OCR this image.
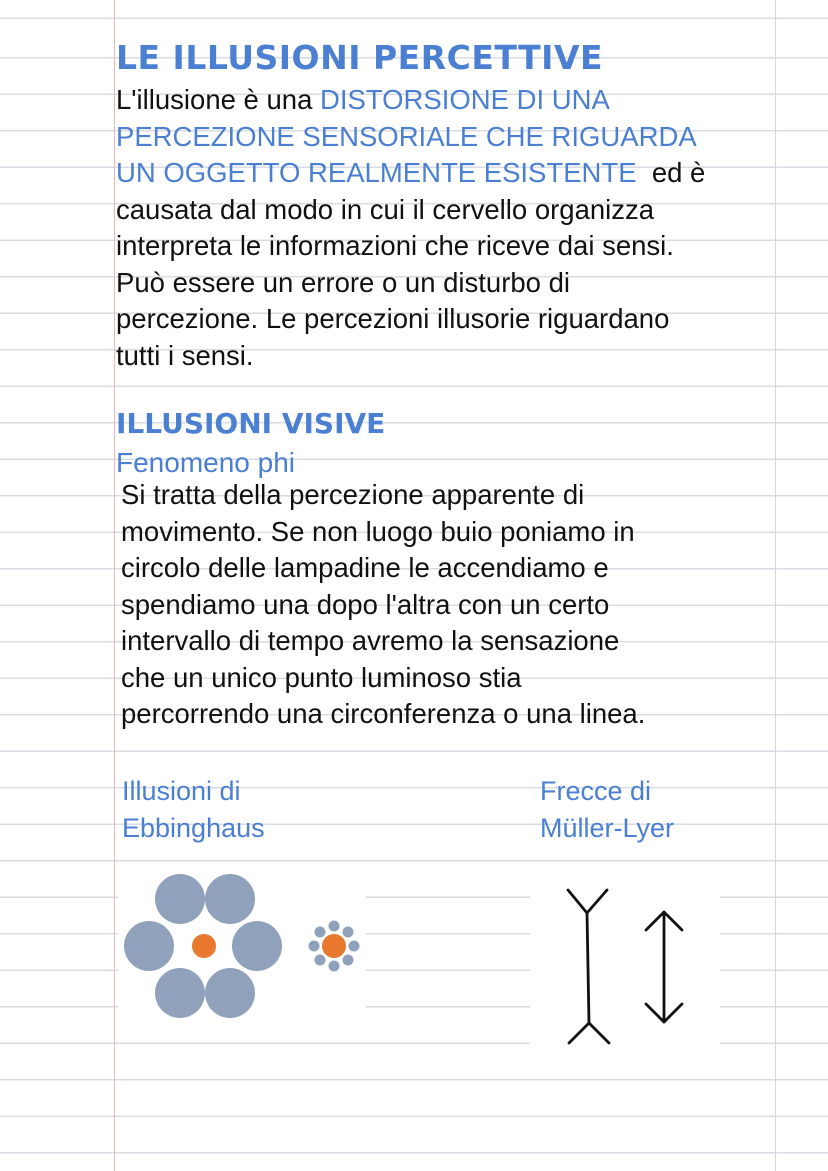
LE ILLUSIONI PERCETTIVE
L'illusione è una DISTORSIONE DI UNA
PERCEZIONE SENSORIALE CHE RIGUARDA
UN OGGETTO REALMENTE ESISTENTE  ed è
causata dal modo in cui il cervello organizza
interpreta le informazioni che riceve dai sensi.
Può essere un errore o un disturbo di
percezione. Le percezioni illusorie riguardano
tutti i sensi.
ILLUSIONI VISIVE
Fenomeno phi
Si tratta della percezione apparente di
movimento. Se non luogo buio poniamo in
circolo delle lampadine le accendiamo e
spendiamo una dopo l'altra con un certo
intervallo di tempo avremo la sensazione
che un unico punto luminoso stia
percorrendo una circonferenza o una linea.
Illusioni di
Ebbinghaus
Frecce di
Müller-Lyer
